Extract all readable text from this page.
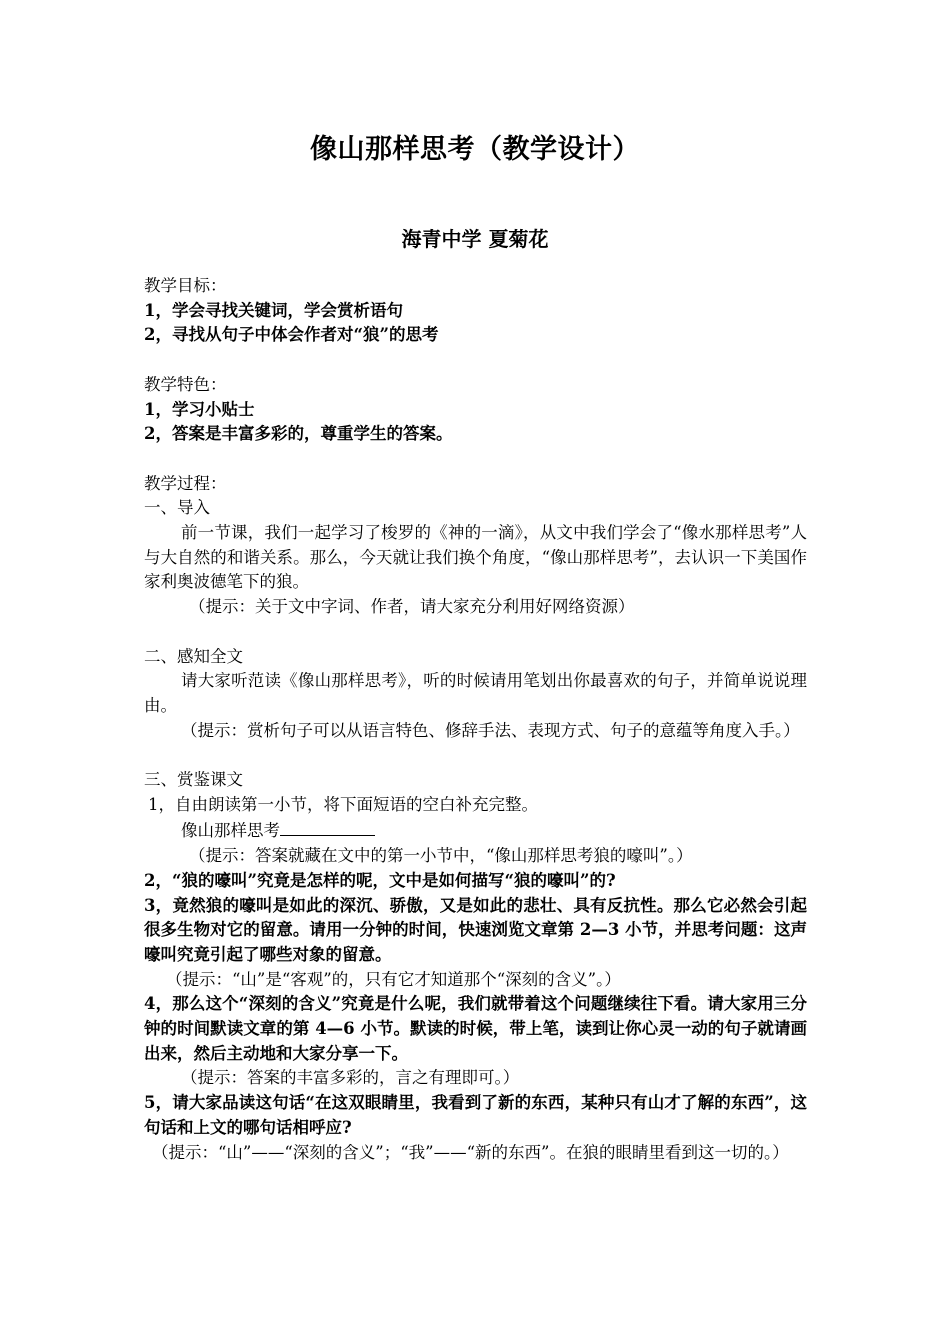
像山那样思考（教学设计）
海青中学 夏菊花
教学目标：
1，学会寻找关键词，学会赏析语句
2，寻找从句子中体会作者对“狼”的思考
教学特色：
1，学习小贴士
2，答案是丰富多彩的，尊重学生的答案。
教学过程：
一、导入
前一节课，我们一起学习了梭罗的《神的一滴》，从文中我们学会了“像水那样思考”人与大自然的和谐关系。那么，今天就让我们换个角度，“像山那样思考”，去认识一下美国作家利奥波德笔下的狼。
（提示：关于文中字词、作者，请大家充分利用好网络资源）
二、感知全文
请大家听范读《像山那样思考》，听的时候请用笔划出你最喜欢的句子，并简单说说理由。
（提示：赏析句子可以从语言特色、修辞手法、表现方式、句子的意蕴等角度入手。）
三、赏鉴课文
1，自由朗读第一小节，将下面短语的空白补充完整。
像山那样思考
（提示：答案就藏在文中的第一小节中，“像山那样思考狼的嚎叫”。）
2，“狼的嚎叫”究竟是怎样的呢，文中是如何描写“狼的嚎叫”的?
3，竟然狼的嚎叫是如此的深沉、骄傲，又是如此的悲壮、具有反抗性。那么它必然会引起很多生物对它的留意。请用一分钟的时间，快速浏览文章第 2—3 小节，并思考问题：这声嚎叫究竟引起了哪些对象的留意。
（提示：“山”是“客观”的，只有它才知道那个“深刻的含义”。）
4，那么这个“深刻的含义”究竟是什么呢，我们就带着这个问题继续往下看。请大家用三分钟的时间默读文章的第 4—6 小节。默读的时候，带上笔，读到让你心灵一动的句子就请画出来，然后主动地和大家分享一下。
（提示：答案的丰富多彩的，言之有理即可。）
5，请大家品读这句话“在这双眼睛里，我看到了新的东西，某种只有山才了解的东西”，这句话和上文的哪句话相呼应?
（提示：“山”——“深刻的含义”；“我”——“新的东西”。在狼的眼睛里看到这一切的。）
